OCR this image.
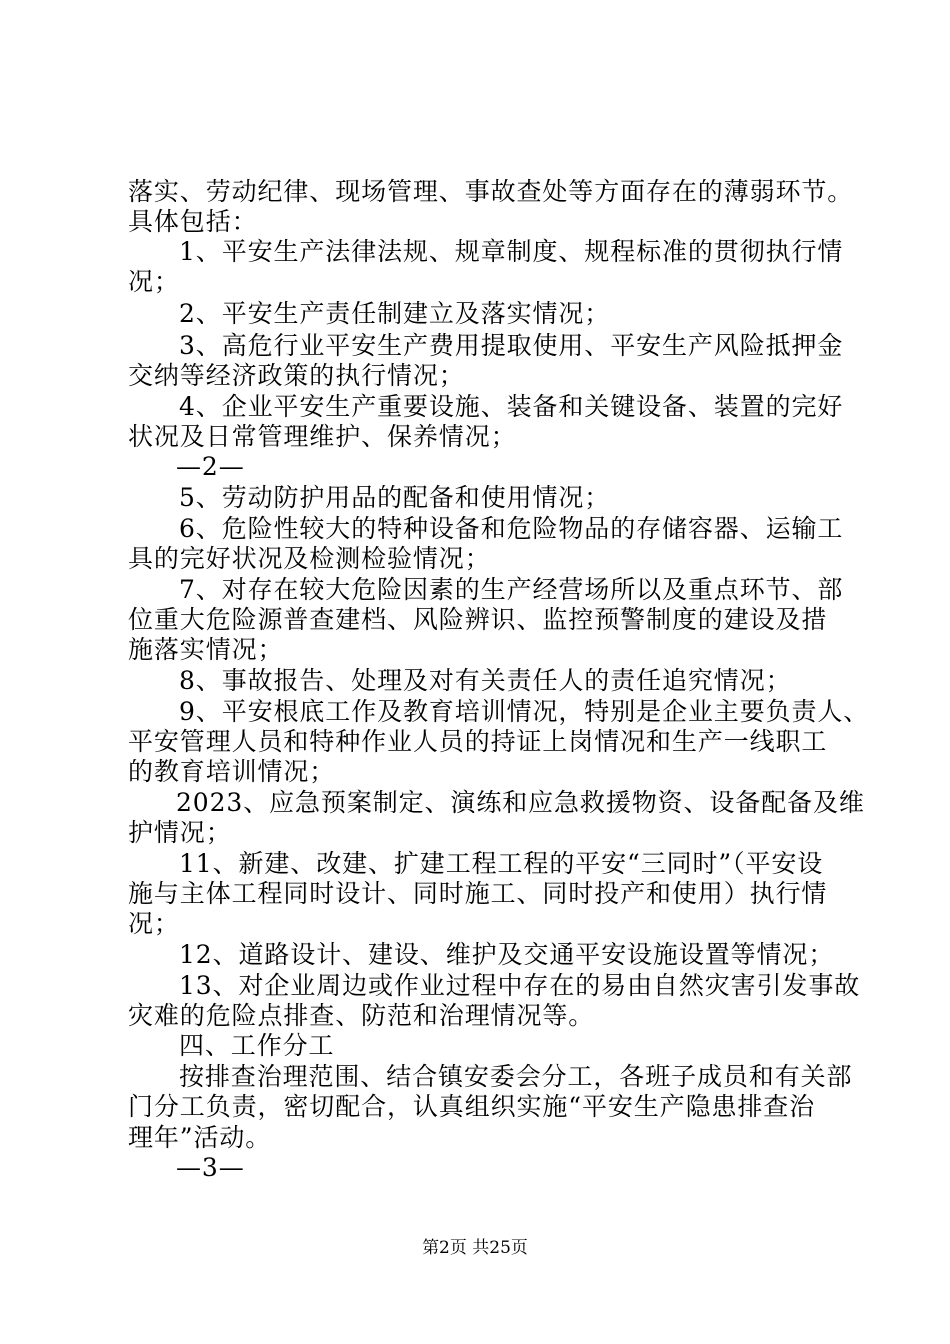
落实、劳动纪律、现场管理、事故查处等方面存在的薄弱环节。
具体包括：
1、平安生产法律法规、规章制度、规程标准的贯彻执行情
况；
2、平安生产责任制建立及落实情况；
3、高危行业平安生产费用提取使用、平安生产风险抵押金
交纳等经济政策的执行情况；
4、企业平安生产重要设施、装备和关键设备、装置的完好
状况及日常管理维护、保养情况；
—2—
5、劳动防护用品的配备和使用情况；
6、危险性较大的特种设备和危险物品的存储容器、运输工
具的完好状况及检测检验情况；
7、对存在较大危险因素的生产经营场所以及重点环节、部
位重大危险源普查建档、风险辨识、监控预警制度的建设及措
施落实情况；
8、事故报告、处理及对有关责任人的责任追究情况；
9、平安根底工作及教育培训情况，特别是企业主要负责人、
平安管理人员和特种作业人员的持证上岗情况和生产一线职工
的教育培训情况；
2023、应急预案制定、演练和应急救援物资、设备配备及维
护情况；
11、新建、改建、扩建工程工程的平安“三同时”（平安设
施与主体工程同时设计、同时施工、同时投产和使用）执行情
况；
12、道路设计、建设、维护及交通平安设施设置等情况；
13、对企业周边或作业过程中存在的易由自然灾害引发事故
灾难的危险点排查、防范和治理情况等。
四、工作分工
按排查治理范围、结合镇安委会分工，各班子成员和有关部
门分工负责，密切配合，认真组织实施“平安生产隐患排查治
理年”活动。
—3—
第2页 共25页
